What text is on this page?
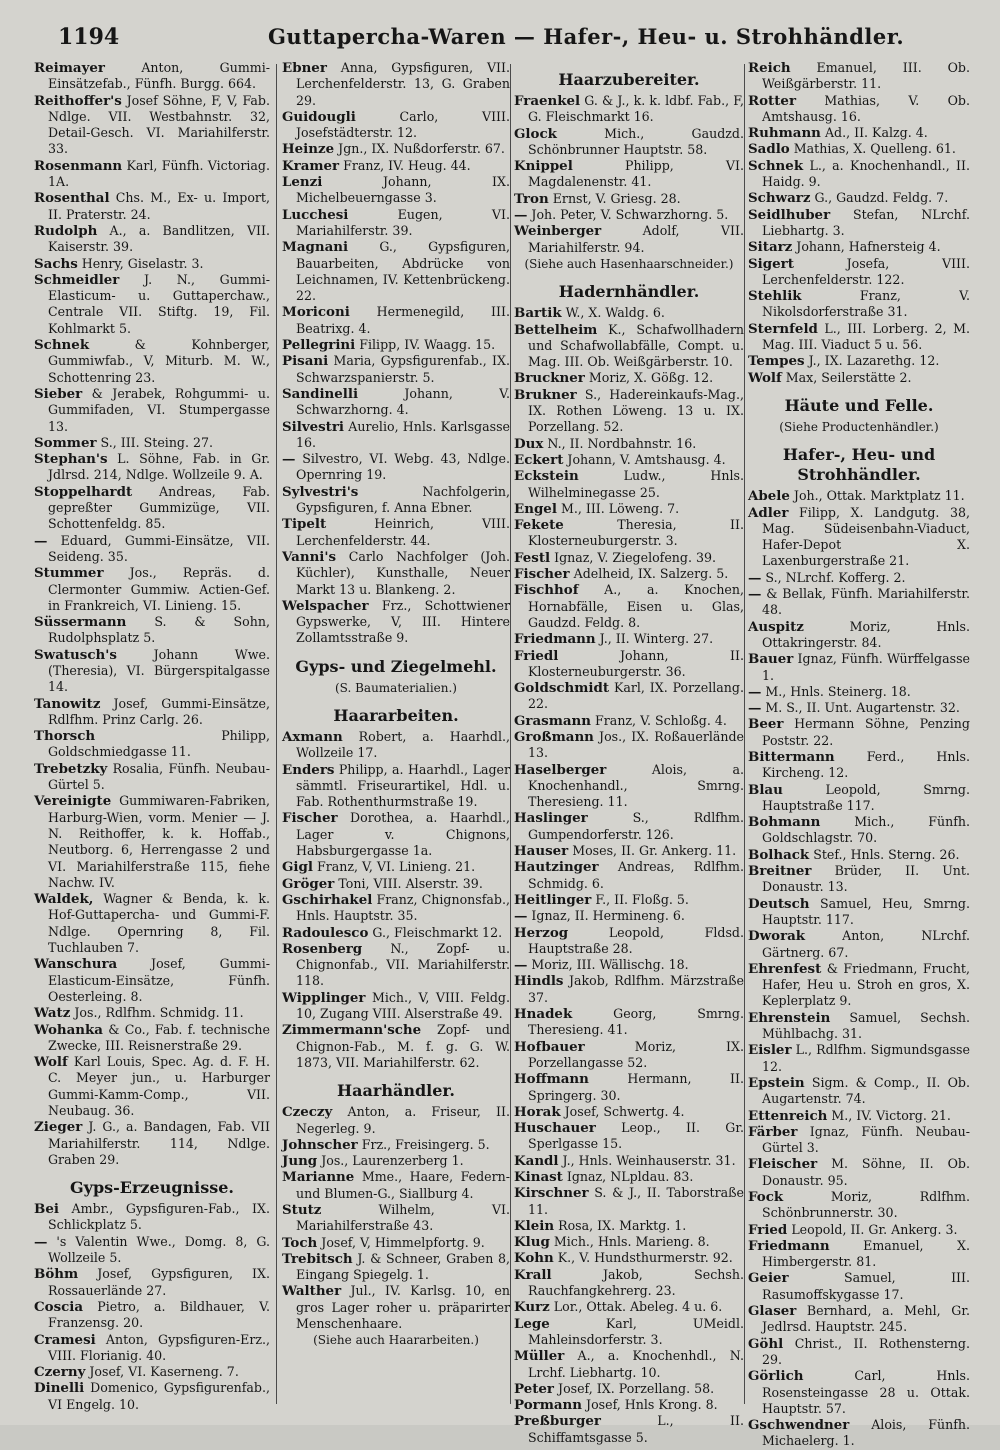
1194	Guttapercha-Waren — Hafer-, Heu- u. Strohhändler.
Reimayer	Anton, Gummi-Einsätzefab., Fünfh. Burgg. 664.
Reithoffer's Josef Söhne, F, V, Fab. Ndlge. VII. Westbahnstr. 32, Detail-Gesch. VI. Mariahilferstr. 33.
Rosenmann Karl, Fünfh. Victoriag. 1A.
Rosenthal Chs. M., Ex- u. Import, II. Praterstr. 24.
Rudolph A., a. Bandlitzen, VII. Kaiserstr. 39.
Sachs Henry, Giselastr. 3.
Schmeidler J. N., Gummi-Elasticum- u. Guttaperchaw., Centrale VII. Stiftg. 19, Fil. Kohlmarkt 5.
Schnek	& Kohnberger, Gummiwfab., V, Miturb. M. W., Schottenring 23.
Sieber & Jerabek, Rohgummi- u. Gummifaden, VI. Stumpergasse 13.
Sommer S., III. Steing. 27.
Stephan's L. Söhne, Fab. in Gr. Jdlrsd. 214, Ndlge. Wollzeile 9. A.
Stoppelhardt Andreas, Fab. gepreßter Gummizüge, VII. Schottenfeldg. 85.
— Eduard, Gummi-Einsätze, VII. Seideng. 35.
Stummer Jos., Repräs. d. Clermonter Gummiw. Actien-Gef. in Frankreich, VI. Linieng. 15.
Süssermann S. & Sohn, Rudolphsplatz 5.
Swatusch's	Johann Wwe. (Theresia), VI. Bürgerspitalgasse 14.
Tanowitz Josef, Gummi-Einsätze, Rdlfhm. Prinz Carlg. 26.
Thorsch	Philipp, Goldschmiedgasse 11.
Trebetzky Rosalia, Fünfh. Neubau-Gürtel 5.
Vereinigte Gummiwaren-Fabriken, Harburg-Wien, vorm. Menier — J. N. Reithoffer, k. k. Hoffab., Neutborg. 6, Herrengasse 2 und VI. Mariahilferstraße 115, fiehe Nachw. IV.
Waldek, Wagner & Benda, k. k. Hof-Guttapercha- und Gummi-F. Ndlge. Opernring 8, Fil. Tuchlauben 7.
Wanschura	Josef, Gummi-Elasticum-Einsätze, Fünfh. Oesterleing. 8.
Watz Jos., Rdlfhm. Schmidg. 11.
Wohanka & Co., Fab. f. technische Zwecke, III. Reisnerstraße 29.
Wolf Karl Louis, Spec. Ag. d. F. H. C. Meyer jun., u. Harburger Gummi-Kamm-Comp., VII. Neubaug. 36.
Zieger J. G., a. Bandagen, Fab. VII Mariahilferstr. 114, Ndlge. Graben 29.
Gyps-Erzeugnisse.
Bei Ambr., Gypsfiguren-Fab., IX. Schlickplatz 5.
— 's Valentin Wwe., Domg. 8, G. Wollzeile 5.
Böhm Josef, Gypsfiguren, IX. Rossauerlände 27.
Coscia Pietro, a. Bildhauer, V. Franzensg. 20.
Cramesi Anton, Gypsfiguren-Erz., VIII. Florianig. 40.
Czerny Josef, VI. Kaserneng. 7.
Dinelli Domenico, Gypsfigurenfab., VI Engelg. 10.
Ebner Anna, Gypsfiguren, VII. Lerchenfelderstr. 13, G. Graben 29.
Guidougli	Carlo, VIII. Josefstädterstr. 12.
Heinze Jgn., IX. Nußdorferstr. 67.
Kramer Franz, IV. Heug. 44.
Lenzi	Johann, IX. Michelbeuerngasse 3.
Lucchesi	Eugen, VI. Mariahilferstr. 39.
Magnani G., Gypsfiguren, Bauarbeiten, Abdrücke von Leichnamen, IV. Kettenbrückeng. 22.
Moriconi Hermenegild, III. Beatrixg. 4.
Pellegrini Filipp, IV. Waagg. 15.
Pisani Maria, Gypsfigurenfab., IX. Schwarzspanierstr. 5.
Sandinelli	Johann, V. Schwarzhorng. 4.
Silvestri Aurelio, Hnls. Karlsgasse 16.
— Silvestro, VI. Webg. 43, Ndlge. Opernring 19.
Sylvestri's	Nachfolgerin, Gypsfiguren, f. Anna Ebner.
Tipelt	Heinrich, VIII. Lerchenfelderstr. 44.
Vanni's Carlo Nachfolger (Joh. Küchler), Kunsthalle, Neuer Markt 13 u. Blankeng. 2.
Welspacher Frz., Schottwiener Gypswerke, V, III. Hintere Zollamtsstraße 9.
Gyps- und Ziegelmehl.
(S. Baumaterialien.)
Haararbeiten.
Axmann Robert, a. Haarhdl., Wollzeile 17.
Enders Philipp, a. Haarhdl., Lager sämmtl. Friseurartikel, Hdl. u. Fab. Rothenthurmstraße 19.
Fischer Dorothea, a. Haarhdl., Lager v. Chignons, Habsburgergasse 1a.
Gigl Franz, V, VI. Linieng. 21.
Gröger Toni, VIII. Alserstr. 39.
Gschirhakel Franz, Chignonsfab., Hnls. Hauptstr. 35.
Radoulesco G., Fleischmarkt 12.
Rosenberg N., Zopf- u. Chignonfab., VII. Mariahilferstr. 118.
Wipplinger Mich., V, VIII. Feldg. 10, Zugang VIII. Alserstraße 49.
Zimmermann'sche Zopf- und Chignon-Fab., M. f. g. G. W. 1873, VII. Mariahilferstr. 62.
Haarhändler.
Czeczy Anton, a. Friseur, II. Negerleg. 9.
Johnscher Frz., Freisingerg. 5.
Jung Jos., Laurenzerberg 1.
Marianne Mme., Haare, Federn- und Blumen-G., Siallburg 4.
Stutz	Wilhelm, VI. Mariahilferstraße 43.
Toch Josef, V, Himmelpfortg. 9.
Trebitsch J. & Schneer, Graben 8, Eingang Spiegelg. 1.
Walther Jul., IV. Karlsg. 10, en gros Lager roher u. präparirter Menschenhaare.
(Siehe auch Haararbeiten.)
Haarzubereiter.
Fraenkel G. & J., k. k. ldbf. Fab., F, G. Fleischmarkt 16.
Glock	Mich., Gaudzd. Schönbrunner Hauptstr. 58.
Knippel	Philipp, VI. Magdalenenstr. 41.
Tron Ernst, V. Griesg. 28.
— Joh. Peter, V. Schwarzhorng. 5.
Weinberger	Adolf, VII. Mariahilferstr. 94.
(Siehe auch Hasenhaarschneider.)
Hadernhändler.
Bartik W., X. Waldg. 6.
Bettelheim K., Schafwollhadern und Schafwollabfälle, Compt. u. Mag. III. Ob. Weißgärberstr. 10.
Bruckner Moriz, X. Gößg. 12.
Brukner S., Hadereinkaufs-Mag., IX. Rothen Löweng. 13 u. IX. Porzellang. 52.
Dux N., II. Nordbahnstr. 16.
Eckert Johann, V. Amtshausg. 4.
Eckstein	Ludw., Hnls. Wilhelminegasse 25.
Engel M., III. Löweng. 7.
Fekete	Theresia, II. Klosterneuburgerstr. 3.
Festl Ignaz, V. Ziegelofeng. 39.
Fischer Adelheid, IX. Salzerg. 5.
Fischhof A., a. Knochen, Hornabfälle, Eisen u. Glas, Gaudzd. Feldg. 8.
Friedmann J., II. Winterg. 27.
Friedl	Johann, II. Klosterneuburgerstr. 36.
Goldschmidt Karl, IX. Porzellang. 22.
Grasmann Franz, V. Schloßg. 4.
Großmann Jos., IX. Roßauerlände 13.
Haselberger	Alois, a. Knochenhandl., Smrng. Theresieng. 11.
Haslinger	S., Rdlfhm. Gumpendorferstr. 126.
Hauser Moses, II. Gr. Ankerg. 11.
Hautzinger Andreas, Rdlfhm. Schmidg. 6.
Heitlinger F., II. Floßg. 5.
— Ignaz, II. Hermineng. 6.
Herzog	Leopold, Fldsd. Hauptstraße 28.
— Moriz, III. Wällischg. 18.
Hindls Jakob, Rdlfhm. Märzstraße 37.
Hnadek	Georg, Smrng. Theresieng. 41.
Hofbauer	Moriz, IX. Porzellangasse 52.
Hoffmann	Hermann, II. Springerg. 30.
Horak Josef, Schwertg. 4.
Huschauer Leop., II. Gr. Sperlgasse 15.
Kandl J., Hnls. Weinhauserstr. 31.
Kinast Ignaz, NLpldau. 83.
Kirschner S. & J., II. Taborstraße 11.
Klein Rosa, IX. Marktg. 1.
Klug Mich., Hnls. Marieng. 8.
Kohn K., V. Hundsthurmerstr. 92.
Krall	Jakob, Sechsh. Rauchfangkehrerg. 23.
Kurz Lor., Ottak. Abeleg. 4 u. 6.
Lege	Karl, UMeidl. Mahleinsdorferstr. 3.
Müller A., a. Knochenhdl., N. Lrchf. Liebhartg. 10.
Peter Josef, IX. Porzellang. 58.
Pormann Josef, Hnls Krong. 8.
Preßburger	L., II. Schiffamtsgasse 5.
Reich Emanuel, III. Ob. Weißgärberstr. 11.
Rotter Mathias, V. Ob. Amtshausg. 16.
Ruhmann Ad., II. Kalzg. 4.
Sadlo Mathias, X. Quelleng. 61.
Schnek L., a. Knochenhandl., II. Haidg. 9.
Schwarz G., Gaudzd. Feldg. 7.
Seidlhuber Stefan, NLrchf. Liebhartg. 3.
Sitarz Johann, Hafnersteig 4.
Sigert	Josefa, VIII. Lerchenfelderstr. 122.
Stehlik	Franz, V. Nikolsdorferstraße 31.
Sternfeld L., III. Lorberg. 2, M. Mag. III. Viaduct 5 u. 56.
Tempes J., IX. Lazarethg. 12.
Wolf Max, Seilerstätte 2.
Häute und Felle.
(Siehe Productenhändler.)
Hafer-, Heu- und Strohhändler.
Abele Joh., Ottak. Marktplatz 11.
Adler Filipp, X. Landgutg. 38, Mag. Südeisenbahn-Viaduct, Hafer-Depot X. Laxenburgerstraße 21.
— S., NLrchf. Kofferg. 2.
— & Bellak, Fünfh. Mariahilferstr. 48.
Auspitz	Moriz, Hnls. Ottakringerstr. 84.
Bauer Ignaz, Fünfh. Würffelgasse 1.
— M., Hnls. Steinerg. 18.
— M. S., II. Unt. Augartenstr. 32.
Beer Hermann Söhne, Penzing Poststr. 22.
Bittermann	Ferd., Hnls. Kircheng. 12.
Blau	Leopold, Smrng. Hauptstraße 117.
Bohmann	Mich., Fünfh. Goldschlagstr. 70.
Bolhack Stef., Hnls. Sterng. 26.
Breitner Brüder, II. Unt. Donaustr. 13.
Deutsch Samuel, Heu, Smrng. Hauptstr. 117.
Dworak	Anton, NLrchf. Gärtnerg. 67.
Ehrenfest & Friedmann, Frucht, Hafer, Heu u. Stroh en gros, X. Keplerplatz 9.
Ehrenstein Samuel, Sechsh. Mühlbachg. 31.
Eisler L., Rdlfhm. Sigmundsgasse 12.
Epstein Sigm. & Comp., II. Ob. Augartenstr. 74.
Ettenreich M., IV. Victorg. 21.
Färber Ignaz, Fünfh. Neubau-Gürtel 3.
Fleischer M. Söhne, II. Ob. Donaustr. 95.
Fock	Moriz, Rdlfhm. Schönbrunnerstr. 30.
Fried Leopold, II. Gr. Ankerg. 3.
Friedmann	Emanuel, X. Himbergerstr. 81.
Geier	Samuel, III. Rasumoffskygasse 17.
Glaser Bernhard, a. Mehl, Gr. Jedlrsd. Hauptstr. 245.
Göhl Christ., II. Rothensterng. 29.
Görlich	Carl, Hnls. Rosensteingasse 28 u. Ottak. Hauptstr. 57.
Gschwendner Alois, Fünfh. Michaelerg. 1.
